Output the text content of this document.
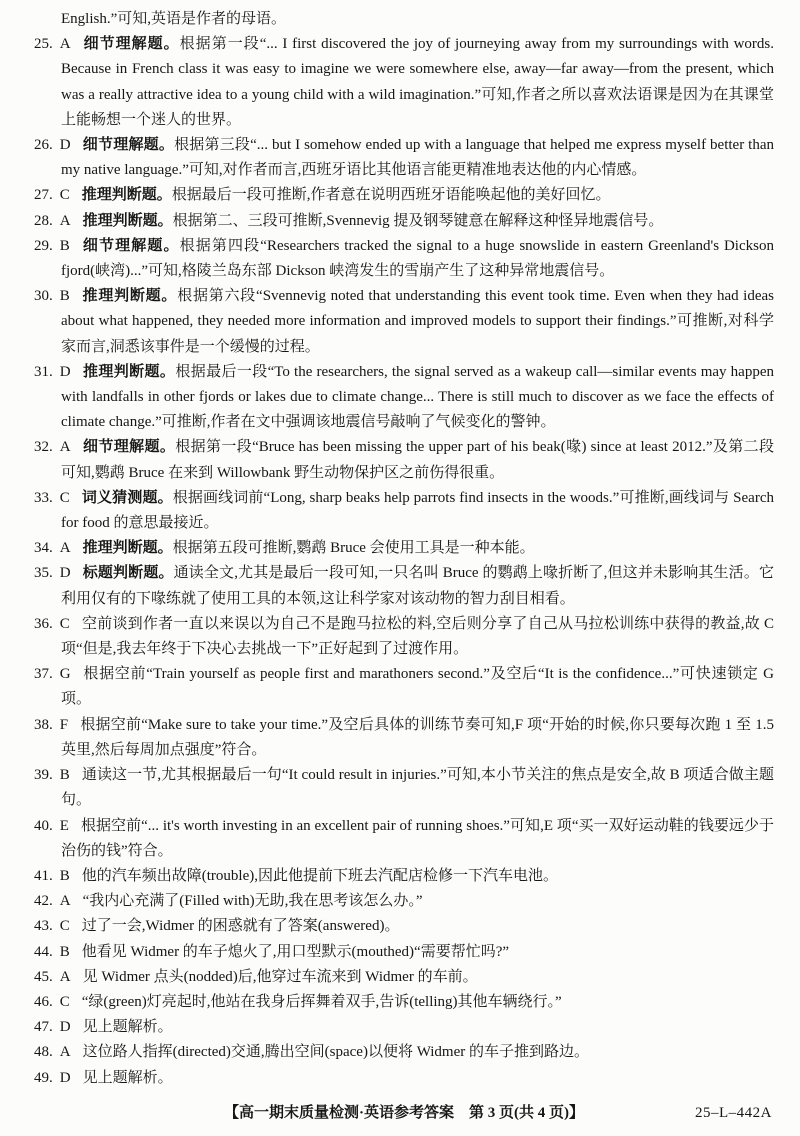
English.”可知,英语是作者的母语。
25. A 细节理解题。根据第一段“... I first discovered the joy of journeying away from my surroundings with words. Because in French class it was easy to imagine we were somewhere else, away—far away—from the present, which was a really attractive idea to a young child with a wild imagination.”可知,作者之所以喜欢法语课是因为在其课堂上能畅想一个迷人的世界。
26. D 细节理解题。根据第三段“... but I somehow ended up with a language that helped me express myself better than my native language.”可知,对作者而言,西班牙语比其他语言能更精准地表达他的内心情感。
27. C 推理判断题。根据最后一段可推断,作者意在说明西班牙语能唤起他的美好回忆。
28. A 推理判断题。根据第二、三段可推断,Svennevig 提及钢琴键意在解释这种怪异地震信号。
29. B 细节理解题。根据第四段“Researchers tracked the signal to a huge snowslide in eastern Greenland's Dickson fjord(峡湾)...”可知,格陵兰岛东部 Dickson 峡湾发生的雪崩产生了这种异常地震信号。
30. B 推理判断题。根据第六段“Svennevig noted that understanding this event took time. Even when they had ideas about what happened, they needed more information and improved models to support their findings.”可推断,对科学家而言,洞悉该事件是一个缓慢的过程。
31. D 推理判断题。根据最后一段“To the researchers, the signal served as a wakeup call—similar events may happen with landfalls in other fjords or lakes due to climate change... There is still much to discover as we face the effects of climate change.”可推断,作者在文中强调该地震信号敲响了气候变化的警钟。
32. A 细节理解题。根据第一段“Bruce has been missing the upper part of his beak(喙) since at least 2012.”及第二段可知,鹦鹉 Bruce 在来到 Willowbank 野生动物保护区之前伤得很重。
33. C 词义猜测题。根据画线词前“Long, sharp beaks help parrots find insects in the woods.”可推断,画线词与 Search for food 的意思最接近。
34. A 推理判断题。根据第五段可推断,鹦鹉 Bruce 会使用工具是一种本能。
35. D 标题判断题。通读全文,尤其是最后一段可知,一只名叫 Bruce 的鹦鹉上喙折断了,但这并未影响其生活。它利用仅有的下喙练就了使用工具的本领,这让科学家对该动物的智力刮目相看。
36. C 空前谈到作者一直以来误以为自己不是跑马拉松的料,空后则分享了自己从马拉松训练中获得的教益,故 C 项“但是,我去年终于下决心去挑战一下”正好起到了过渡作用。
37. G 根据空前“Train yourself as people first and marathoners second.”及空后“It is the confidence...”可快速锁定 G 项。
38. F 根据空前“Make sure to take your time.”及空后具体的训练节奏可知,F 项“开始的时候,你只要每次跑 1 至 1.5 英里,然后每周加点强度”符合。
39. B 通读这一节,尤其根据最后一句“It could result in injuries.”可知,本小节关注的焦点是安全,故 B 项适合做主题句。
40. E 根据空前“... it's worth investing in an excellent pair of running shoes.”可知,E 项“买一双好运动鞋的钱要远少于治伤的钱”符合。
41. B 他的汽车频出故障(trouble),因此他提前下班去汽配店检修一下汽车电池。
42. A “我内心充满了(Filled with)无助,我在思考该怎么办。”
43. C 过了一会,Widmer 的困惑就有了答案(answered)。
44. B 他看见 Widmer 的车子熄火了,用口型默示(mouthed)“需要帮忙吗?”
45. A 见 Widmer 点头(nodded)后,他穿过车流来到 Widmer 的车前。
46. C “绿(green)灯亮起时,他站在我身后挥舞着双手,告诉(telling)其他车辆绕行。”
47. D 见上题解析。
48. A 这位路人指挥(directed)交通,腾出空间(space)以便将 Widmer 的车子推到路边。
49. D 见上题解析。
【高一期末质量检测·英语参考答案　第 3 页(共 4 页)】	25–L–442A
